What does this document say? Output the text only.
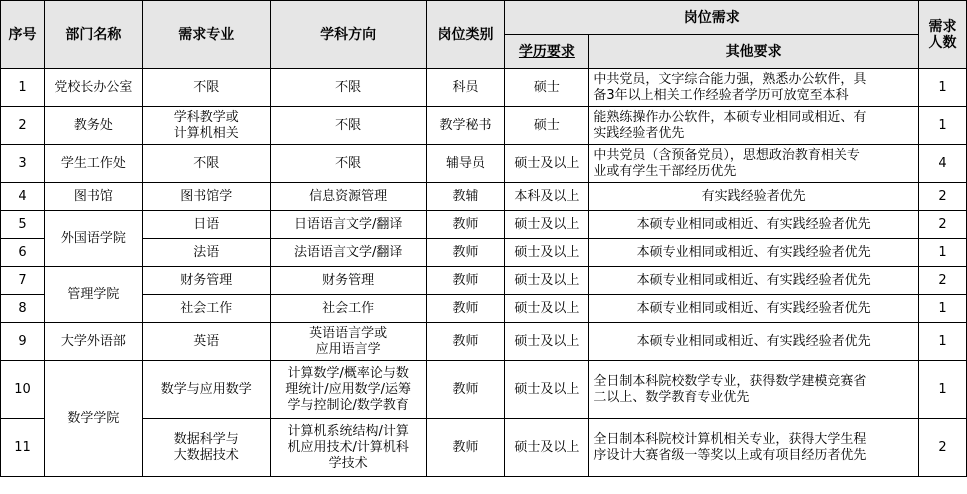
序号	部门名称	需求专业	学科方向	岗位类别	岗位需求		需求
人数
					学历要求	其他要求	
1	党校长办公室	不限	不限	科员	硕士	中共党员，文字综合能力强，熟悉办公软件，具
备3年以上相关工作经验者学历可放宽至本科	1
2	教务处	学科教学或
计算机相关	不限	教学秘书	硕士	能熟练操作办公软件，本硕专业相同或相近、有
实践经验者优先	1
3	学生工作处	不限	不限	辅导员	硕士及以上	中共党员（含预备党员），思想政治教育相关专
业或有学生干部经历优先	4
4	图书馆	图书馆学	信息资源管理	教辅	本科及以上	有实践经验者优先	2
5	外国语学院	日语	日语语言文学/翻译	教师	硕士及以上	本硕专业相同或相近、有实践经验者优先	2
6		法语	法语语言文学/翻译	教师	硕士及以上	本硕专业相同或相近、有实践经验者优先	1
7	管理学院	财务管理	财务管理	教师	硕士及以上	本硕专业相同或相近、有实践经验者优先	2
8		社会工作	社会工作	教师	硕士及以上	本硕专业相同或相近、有实践经验者优先	1
9	大学外语部	英语	英语语言学或
应用语言学	教师	硕士及以上	本硕专业相同或相近、有实践经验者优先	1
10	数学学院	数学与应用数学	计算数学/概率论与数
理统计/应用数学/运筹
学与控制论/数学教育	教师	硕士及以上	全日制本科院校数学专业，获得数学建模竞赛省
二以上、数学教育专业优先	1
11		数据科学与
大数据技术	计算机系统结构/计算
机应用技术/计算机科
学技术	教师	硕士及以上	全日制本科院校计算机相关专业，获得大学生程
序设计大赛省级一等奖以上或有项目经历者优先	2
